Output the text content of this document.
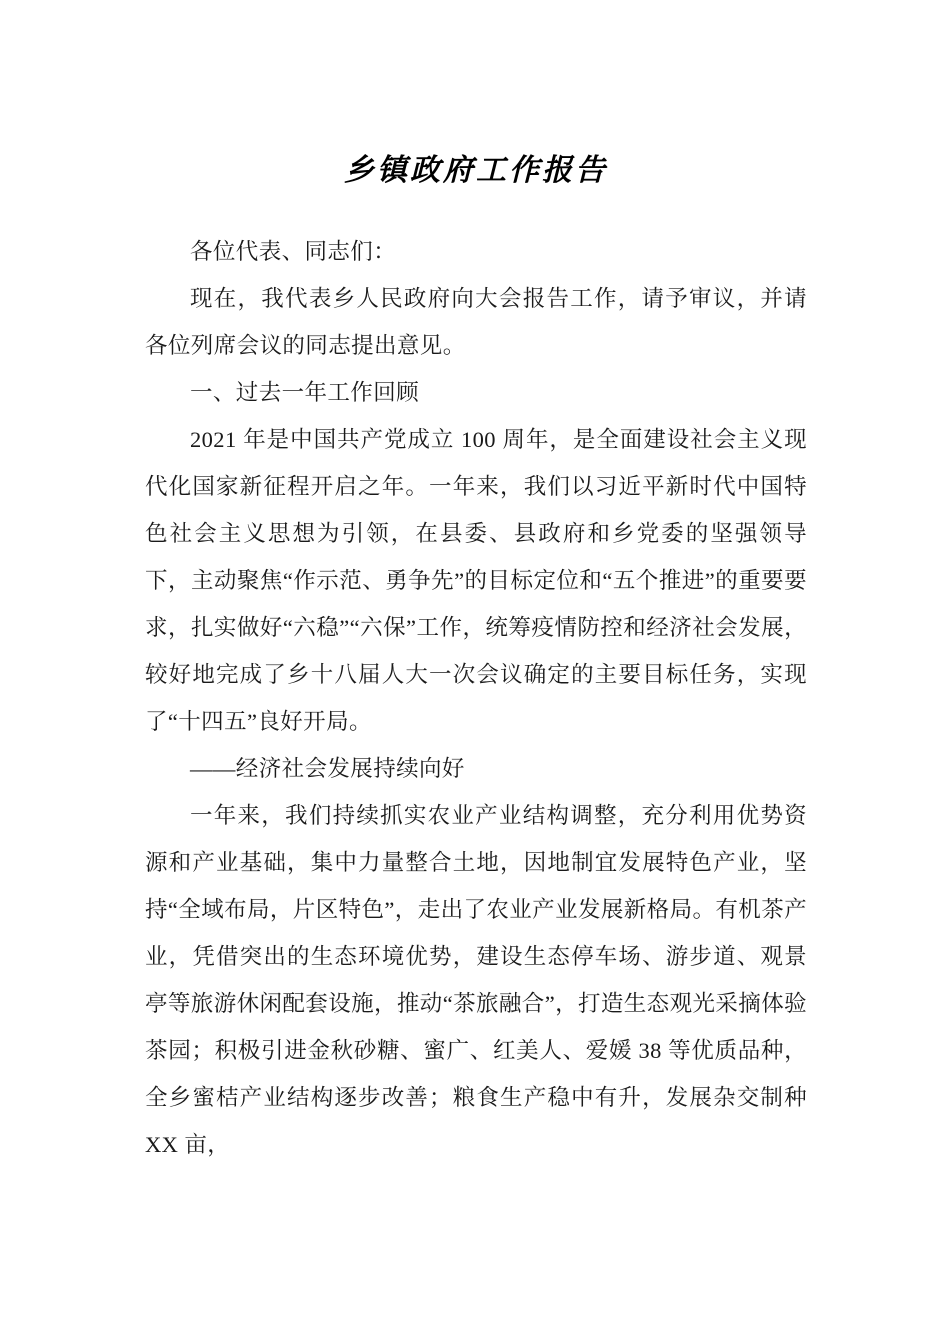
乡镇政府工作报告

各位代表、同志们：

现在，我代表乡人民政府向大会报告工作，请予审议，并请各位列席会议的同志提出意见。

一、过去一年工作回顾

2021 年是中国共产党成立 100 周年，是全面建设社会主义现代化国家新征程开启之年。一年来，我们以习近平新时代中国特色社会主义思想为引领，在县委、县政府和乡党委的坚强领导下，主动聚焦“作示范、勇争先”的目标定位和“五个推进”的重要要求，扎实做好“六稳”“六保”工作，统筹疫情防控和经济社会发展，较好地完成了乡十八届人大一次会议确定的主要目标任务，实现了“十四五”良好开局。

——经济社会发展持续向好

一年来，我们持续抓实农业产业结构调整，充分利用优势资源和产业基础，集中力量整合土地，因地制宜发展特色产业，坚持“全域布局，片区特色”，走出了农业产业发展新格局。有机茶产业，凭借突出的生态环境优势，建设生态停车场、游步道、观景亭等旅游休闲配套设施，推动“茶旅融合”，打造生态观光采摘体验茶园；积极引进金秋砂糖、蜜广、红美人、爱媛 38 等优质品种，全乡蜜桔产业结构逐步改善；粮食生产稳中有升，发展杂交制种 XX 亩，
